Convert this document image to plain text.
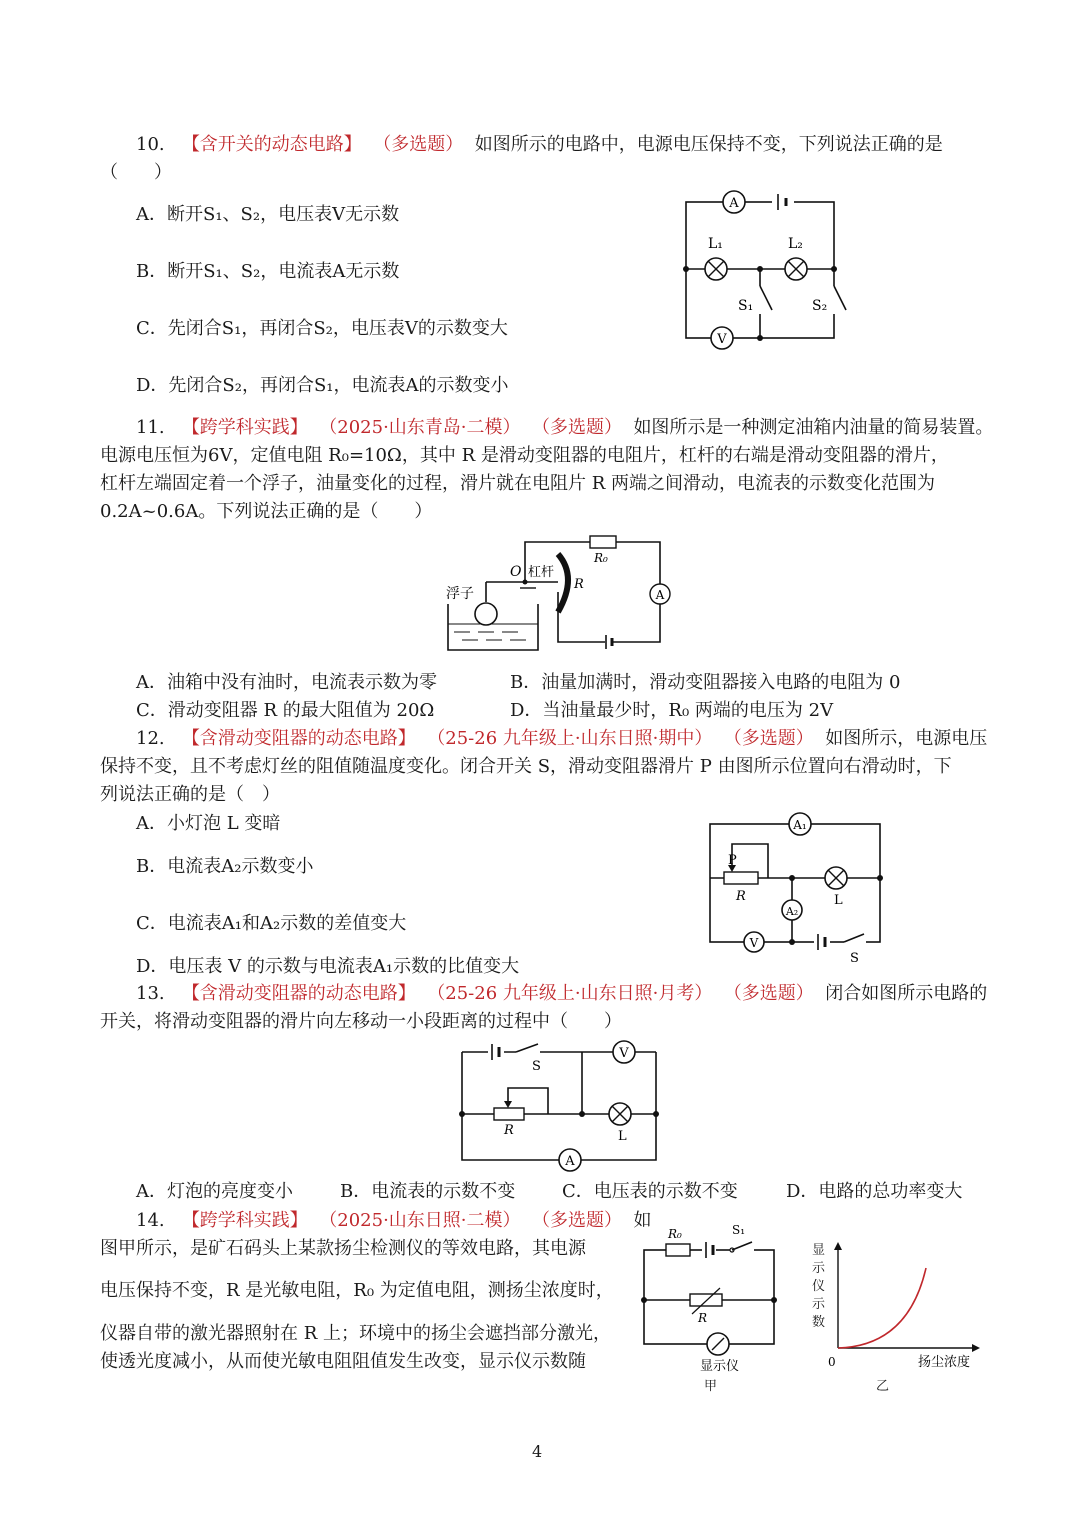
10. 【含开关的动态电路】 （多选题） 如图所示的电路中，电源电压保持不变，下列说法正确的是
（　　）
A．断开S₁、S₂，电压表V无示数
B．断开S₁、S₂，电流表A无示数
C．先闭合S₁，再闭合S₂，电压表V的示数变大
D．先闭合S₂，再闭合S₁，电流表A的示数变小
A
L₁	L₂
S₁	S₂
V
11. 【跨学科实践】 （2025·山东青岛·二模） （多选题） 如图所示是一种测定油箱内油量的简易装置。
电源电压恒为6V，定值电阻 R₀=10Ω，其中 R 是滑动变阻器的电阻片，杠杆的右端是滑动变阻器的滑片，
杠杆左端固定着一个浮子，油量变化的过程，滑片就在电阻片 R 两端之间滑动，电流表的示数变化范围为
0.2A~0.6A。下列说法正确的是（　　）
浮子
O 杠杆
R
R₀
A
A．油箱中没有油时，电流表示数为零	B．油量加满时，滑动变阻器接入电路的电阻为 0
C．滑动变阻器 R 的最大阻值为 20Ω	D．当油量最少时，R₀ 两端的电压为 2V
12. 【含滑动变阻器的动态电路】 （25-26 九年级上·山东日照·期中） （多选题） 如图所示，电源电压
保持不变，且不考虑灯丝的阻值随温度变化。闭合开关 S，滑动变阻器滑片 P 由图所示位置向右滑动时，下
列说法正确的是（　）
A．小灯泡 L 变暗
B．电流表A₂示数变小
C．电流表A₁和A₂示数的差值变大
D．电压表 V 的示数与电流表A₁示数的比值变大
A₁
P
R	L
A₂
V
S
13. 【含滑动变阻器的动态电路】 （25-26 九年级上·山东日照·月考） （多选题） 闭合如图所示电路的
开关，将滑动变阻器的滑片向左移动一小段距离的过程中（　　）
S
V
R	L
A
A．灯泡的亮度变小	B．电流表的示数不变	C．电压表的示数不变	D．电路的总功率变大
14. 【跨学科实践】 （2025·山东日照·二模） （多选题） 如
图甲所示，是矿石码头上某款扬尘检测仪的等效电路，其电源
电压保持不变，R 是光敏电阻，R₀ 为定值电阻，测扬尘浓度时，
仪器自带的激光器照射在 R 上；环境中的扬尘会遮挡部分激光，
使透光度减小，从而使光敏电阻阻值发生改变，显示仪示数随
R₀	S₁
R
显示仪
甲
0	扬尘浓度
显示仪示数
乙
4
